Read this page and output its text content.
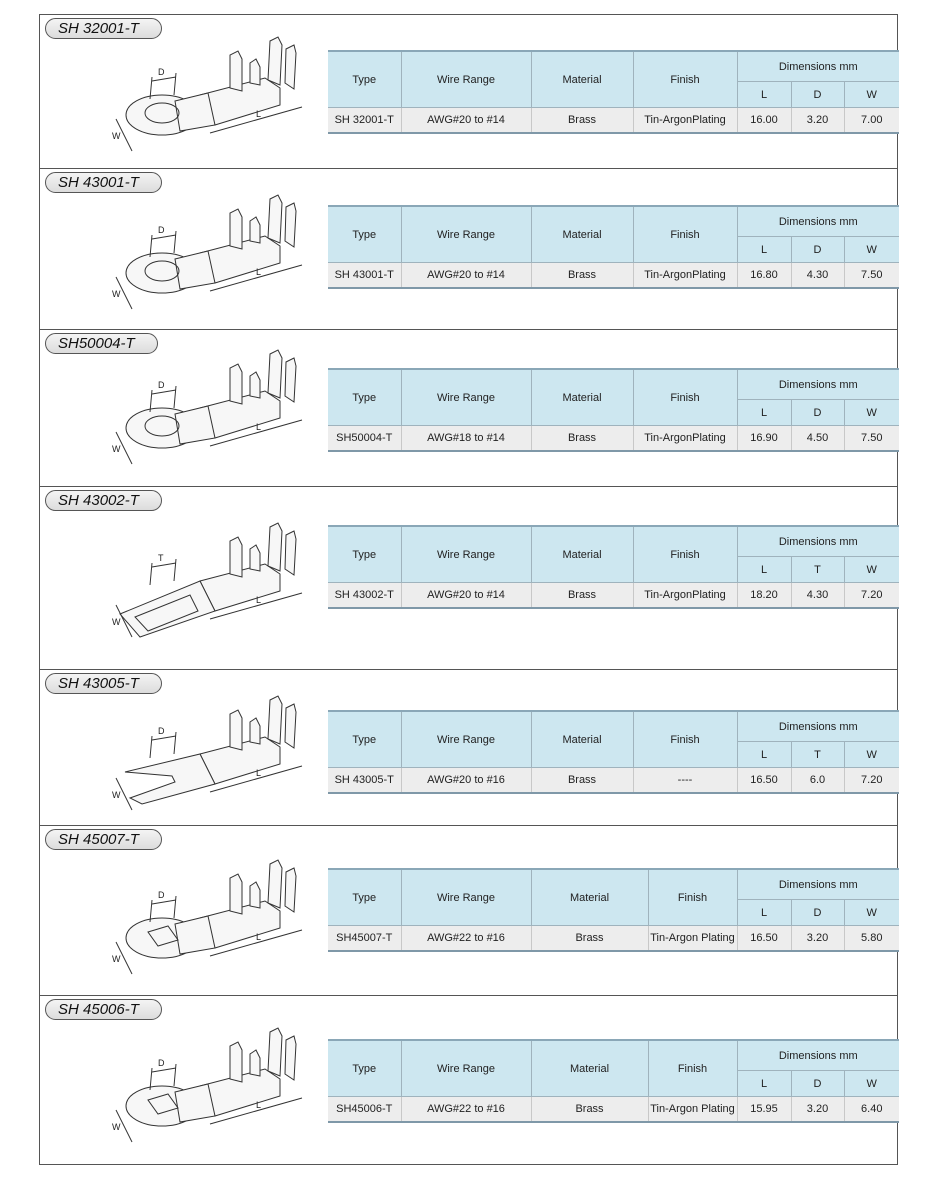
SH 32001-T
D
L
W
Type	Wire Range	Material	Finish	Dimensions mm		
				L	D	W
SH 32001-T	AWG#20 to #14	Brass	Tin-ArgonPlating	16.00	3.20	7.00
SH 43001-T
D
L
W
Type	Wire Range	Material	Finish	Dimensions mm		
				L	D	W
SH 43001-T	AWG#20 to #14	Brass	Tin-ArgonPlating	16.80	4.30	7.50
SH50004-T
D
L
W
Type	Wire Range	Material	Finish	Dimensions mm		
				L	D	W
SH50004-T	AWG#18 to #14	Brass	Tin-ArgonPlating	16.90	4.50	7.50
SH 43002-T
T
L
W
Type	Wire Range	Material	Finish	Dimensions mm		
				L	T	W
SH 43002-T	AWG#20 to #14	Brass	Tin-ArgonPlating	18.20	4.30	7.20
SH 43005-T
D
L
W
Type	Wire Range	Material	Finish	Dimensions mm		
				L	T	W
SH 43005-T	AWG#20 to #16	Brass	----	16.50	6.0	7.20
SH 45007-T
D
L
W
Type	Wire Range	Material	Finish	Dimensions mm		
				L	D	W
SH45007-T	AWG#22 to #16	Brass	Tin-Argon Plating	16.50	3.20	5.80
SH 45006-T
D
L
W
Type	Wire Range	Material	Finish	Dimensions mm		
				L	D	W
SH45006-T	AWG#22 to #16	Brass	Tin-Argon Plating	15.95	3.20	6.40
